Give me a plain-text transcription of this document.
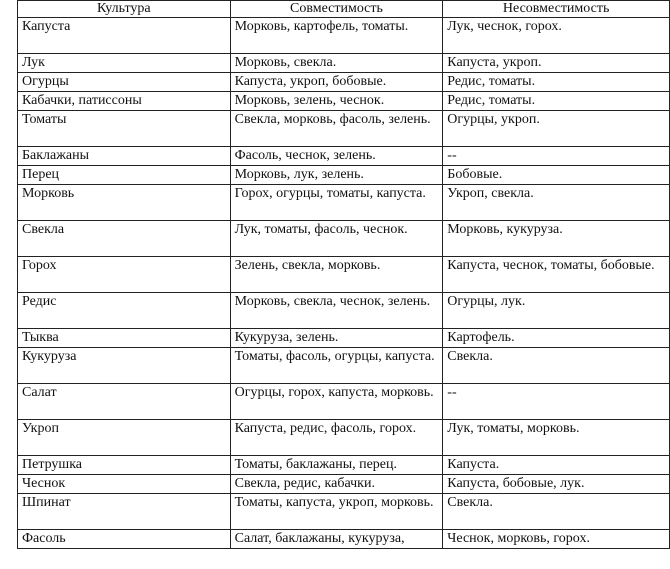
Культура	Совместимость	Несовместимость
Капуста	Морковь, картофель, томаты.	Лук, чеснок, горох.
Лук	Морковь, свекла.	Капуста, укроп.
Огурцы	Капуста, укроп, бобовые.	Редис, томаты.
Кабачки, патиссоны	Морковь, зелень, чеснок.	Редис, томаты.
Томаты	Свекла, морковь, фасоль, зелень.	Огурцы, укроп.
Баклажаны	Фасоль, чеснок, зелень.	--
Перец	Морковь, лук, зелень.	Бобовые.
Морковь	Горох, огурцы, томаты, капуста.	Укроп, свекла.
Свекла	Лук, томаты, фасоль, чеснок.	Морковь, кукуруза.
Горох	Зелень, свекла, морковь.	Капуста, чеснок, томаты, бобовые.
Редис	Морковь, свекла, чеснок, зелень.	Огурцы, лук.
Тыква	Кукуруза, зелень.	Картофель.
Кукуруза	Томаты, фасоль, огурцы, капуста.	Свекла.
Салат	Огурцы, горох, капуста, морковь.	--
Укроп	Капуста, редис, фасоль, горох.	Лук, томаты, морковь.
Петрушка	Томаты, баклажаны, перец.	Капуста.
Чеснок	Свекла, редис, кабачки.	Капуста, бобовые, лук.
Шпинат	Томаты, капуста, укроп, морковь.	Свекла.
Фасоль	Салат, баклажаны, кукуруза,	Чеснок, морковь, горох.
